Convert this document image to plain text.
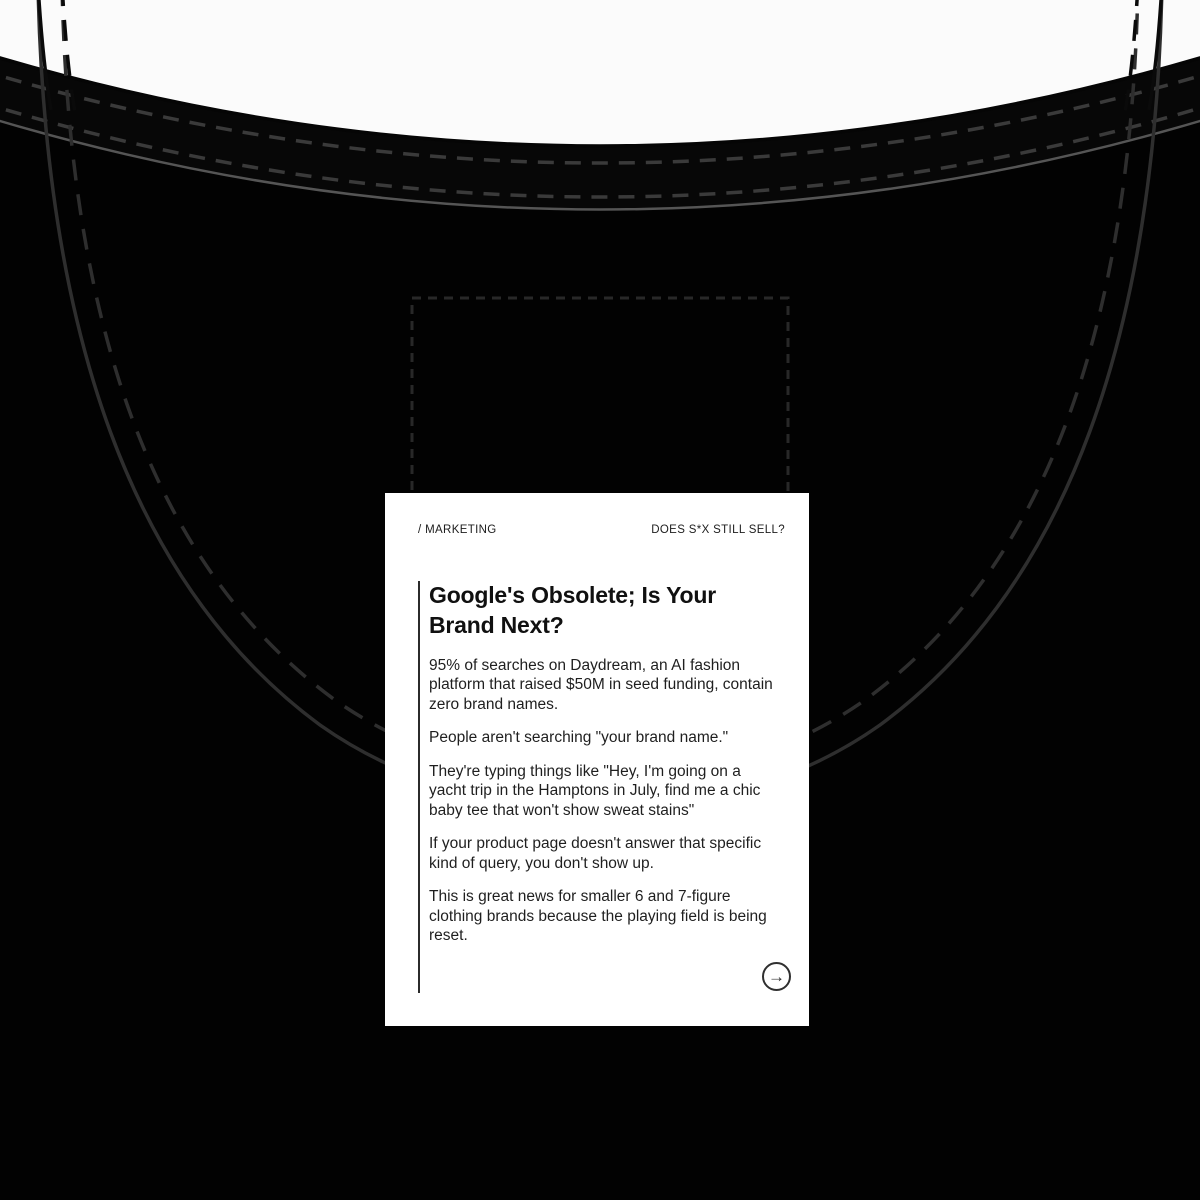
/ MARKETING	DOES S*X STILL SELL?
Google's Obsolete; Is Your Brand Next?

95% of searches on Daydream, an AI fashion platform that raised $50M in seed funding, contain zero brand names.

People aren't searching "your brand name."

They're typing things like "Hey, I'm going on a yacht trip in the Hamptons in July, find me a chic baby tee that won't show sweat stains"

If your product page doesn't answer that specific kind of query, you don't show up.

This is great news for smaller 6 and 7-figure clothing brands because the playing field is being reset.

→
